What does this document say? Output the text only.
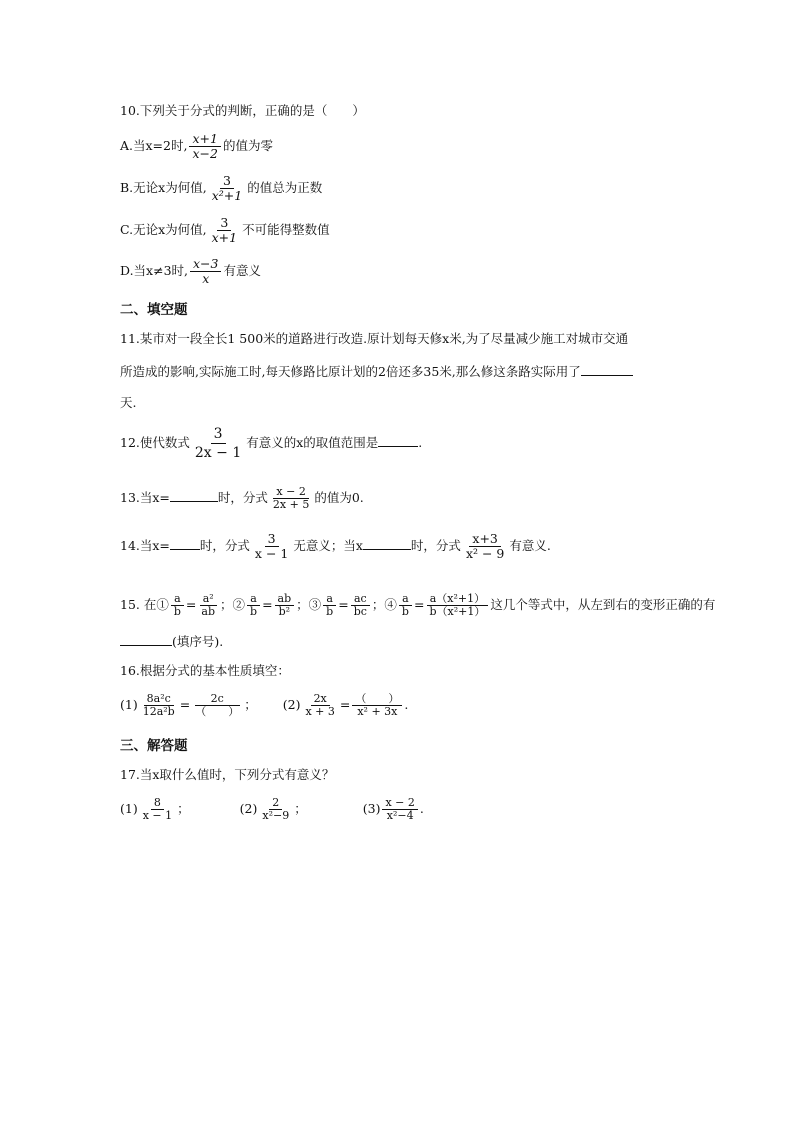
10.下列关于分式的判断，正确的是（　　）
A.当x=2时, $\frac{x+1}{x-2}$ 的值为零
B.无论x为何值, $\frac{3}{\text{x²+1}}$ 的值总为正数
C.无论x为何值, $\frac{3}{x+1}$ 不可能得整数值
D.当x≠3时, $\frac{x-3}{x}$ 有意义
二、填空题
11.某市对一段全长1 500米的道路进行改造.原计划每天修x米,为了尽量减少施工对城市交通
所造成的影响,实际施工时,每天修路比原计划的2倍还多35米,那么修这条路实际用了
天.
12.使代数式 $\frac{3}{2x - 1}$ 有意义的x的取值范围是	.
13.当x=	时，分式 $\frac{x - 2}{2x + 5}$ 的值为0.
14.当x= 时，分式 $\frac{3}{x - 1}$ 无意义；当x	时，分式 $\frac{x+3}{\text{x² − 9}}$ 有意义.
15. 在① $\frac{a}{b} = \frac{\text{a²}}{ab}$ ；② $\frac{a}{b} = \frac{ab}{\text{b²}}$ ；③ $\frac{a}{b} = \frac{ac}{bc}$ ；④ $\frac{a}{b} = \frac{\text{a（x²+1）}}{\text{b（x²+1）}}$ 这几个等式中，从左到右的变形正确的有
(填序号).
16.根据分式的基本性质填空：
$(1) \frac{\text{8a²c}}{\text{12a²b}} = \frac{2c}{( )}$ ； $(2) \frac{2x}{x + 3} = \frac{( )}{\text{x² + 3x}}$ .
三、解答题
17.当x取什么值时，下列分式有意义？
$(1) \frac{8}{x - 1}$ ；	$(2) \frac{2}{\text{x²−9}}$ ；	$(3) \frac{x - 2}{\text{x²−4}}$ .
